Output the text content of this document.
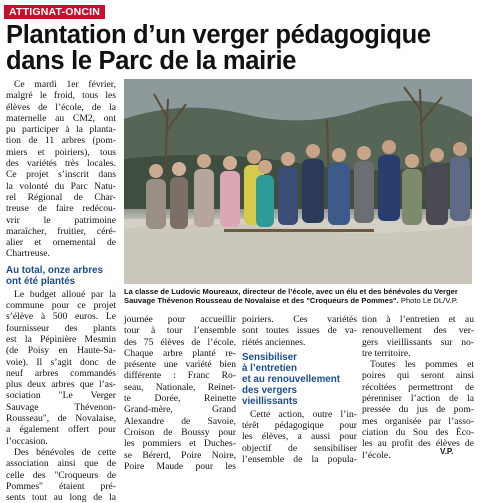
ATTIGNAT-ONCIN
Plantation d’un verger pédagogique
dans le Parc de la mairie
Ce mardi 1er février,
malgré le froid, tous les
élèves de l’école, de la
maternelle au CM2, ont
pu participer à la planta-
tion de 11 arbres (pom-
miers et poiriers), tous
des variétés très locales.
Ce projet s’inscrit dans
la volonté du Parc Natu-
rel Régional de Char-
treuse de faire redécou-
vrir le patrimoine
maraîcher, fruitier, céré-
alier et ornemental de
Chartreuse.
Au total, onze arbres
ont été plantés
Le budget alloué par la
commune pour ce projet
s’élève à 500 euros. Le
fournisseur des plants
est la Pépinière Mesmin
(de Poisy en Haute-Sa-
voie). Il s’agit donc de
neuf arbres commandés
plus deux arbres que l’as-
sociation "Le Verger
Sauvage Thévenon-
Rousseau", de Novalaise,
a également offert pour
l’occasion.
Des bénévoles de cette
association ainsi que de
celle des "Croqueurs de
Pommes" étaient pré-
sents tout au long de la
La classe de Ludovic Moureaux, directeur de l’école, avec un élu et des bénévoles du Verger Sauvage Thévenon Rousseau de Novalaise et des "Croqueurs de Pommes". Photo Le DL/V.P.
journée pour accueillir
tour à tour l’ensemble
des 75 élèves de l’école.
Chaque arbre planté re-
présente une variété bien
différente : Franc Ro-
seau, Nationale, Reinet-
te Dorée, Reinette
Grand-mère, Grand
Alexandre de Savoie,
Croison de Boussy pour
les pommiers et Duches-
se Bérerd, Poire Noire,
Poire Maude pour les
poiriers. Ces variétés
sont toutes issues de va-
riétés anciennes.
Sensibiliser
à l’entretien
et au renouvellement
des vergers
vieillissants
Cette action, outre l’in-
térêt pédagogique pour
les élèves, a aussi pour
objectif de sensibiliser
l’ensemble de la popula-
tion à l’entretien et au
renouvellement des ver-
gers vieillissants sur no-
tre territoire.
Toutes les pommes et
poires qui seront ainsi
récoltées permettront de
pérenniser l’action de la
pressée du jus de pom-
mes organisée par l’asso-
ciation du Sou des Éco-
les au profit des élèves de
l’école.	V.P.
